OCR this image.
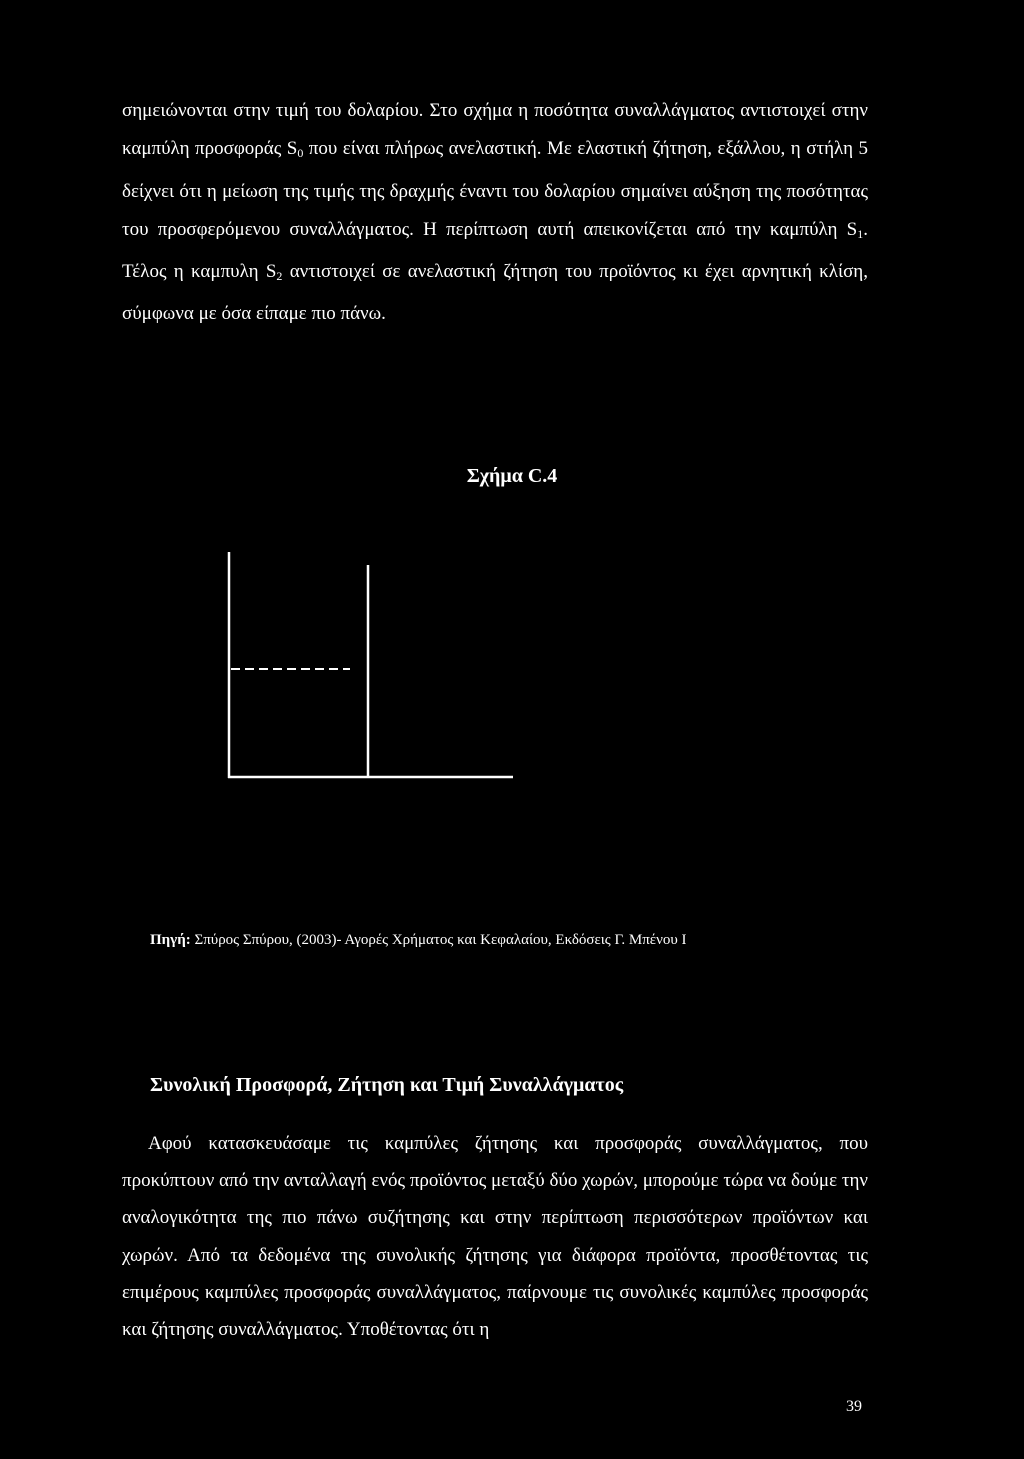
σημειώνονται στην τιμή του δολαρίου. Στο σχήμα η ποσότητα συναλλάγματος αντιστοιχεί στην καμπύλη προσφοράς $S_0$ που είναι πλήρως ανελαστική. Με ελαστική ζήτηση, εξάλλου, η στήλη 5 δείχνει ότι η μείωση της τιμής της δραχμής έναντι του δολαρίου σημαίνει αύξηση της ποσότητας του προσφερόμενου συναλλάγματος. Η περίπτωση αυτή απεικονίζεται από την καμπύλη $S_1$. Τέλος η καμπυλη $S_2$ αντιστοιχεί σε ανελαστική ζήτηση του προϊόντος κι έχει αρνητική κλίση, σύμφωνα με όσα είπαμε πιο πάνω.
Σχήμα C.4
Πηγή: Σπύρος Σπύρου, (2003)- Αγορές Χρήματος και Κεφαλαίου, Εκδόσεις Γ. Μπένου Ι
Συνολική Προσφορά, Ζήτηση και Τιμή Συναλλάγματος
Αφού κατασκευάσαμε τις καμπύλες ζήτησης και προσφοράς συναλλάγματος, που προκύπτουν από την ανταλλαγή ενός προϊόντος μεταξύ δύο χωρών, μπορούμε τώρα να δούμε την αναλογικότητα της πιο πάνω συζήτησης και στην περίπτωση περισσότερων προϊόντων και χωρών. Από τα δεδομένα της συνολικής ζήτησης για διάφορα προϊόντα, προσθέτοντας τις επιμέρους καμπύλες προσφοράς συναλλάγματος, παίρνουμε τις συνολικές καμπύλες προσφοράς και ζήτησης συναλλάγματος. Υποθέτοντας ότι η
39
